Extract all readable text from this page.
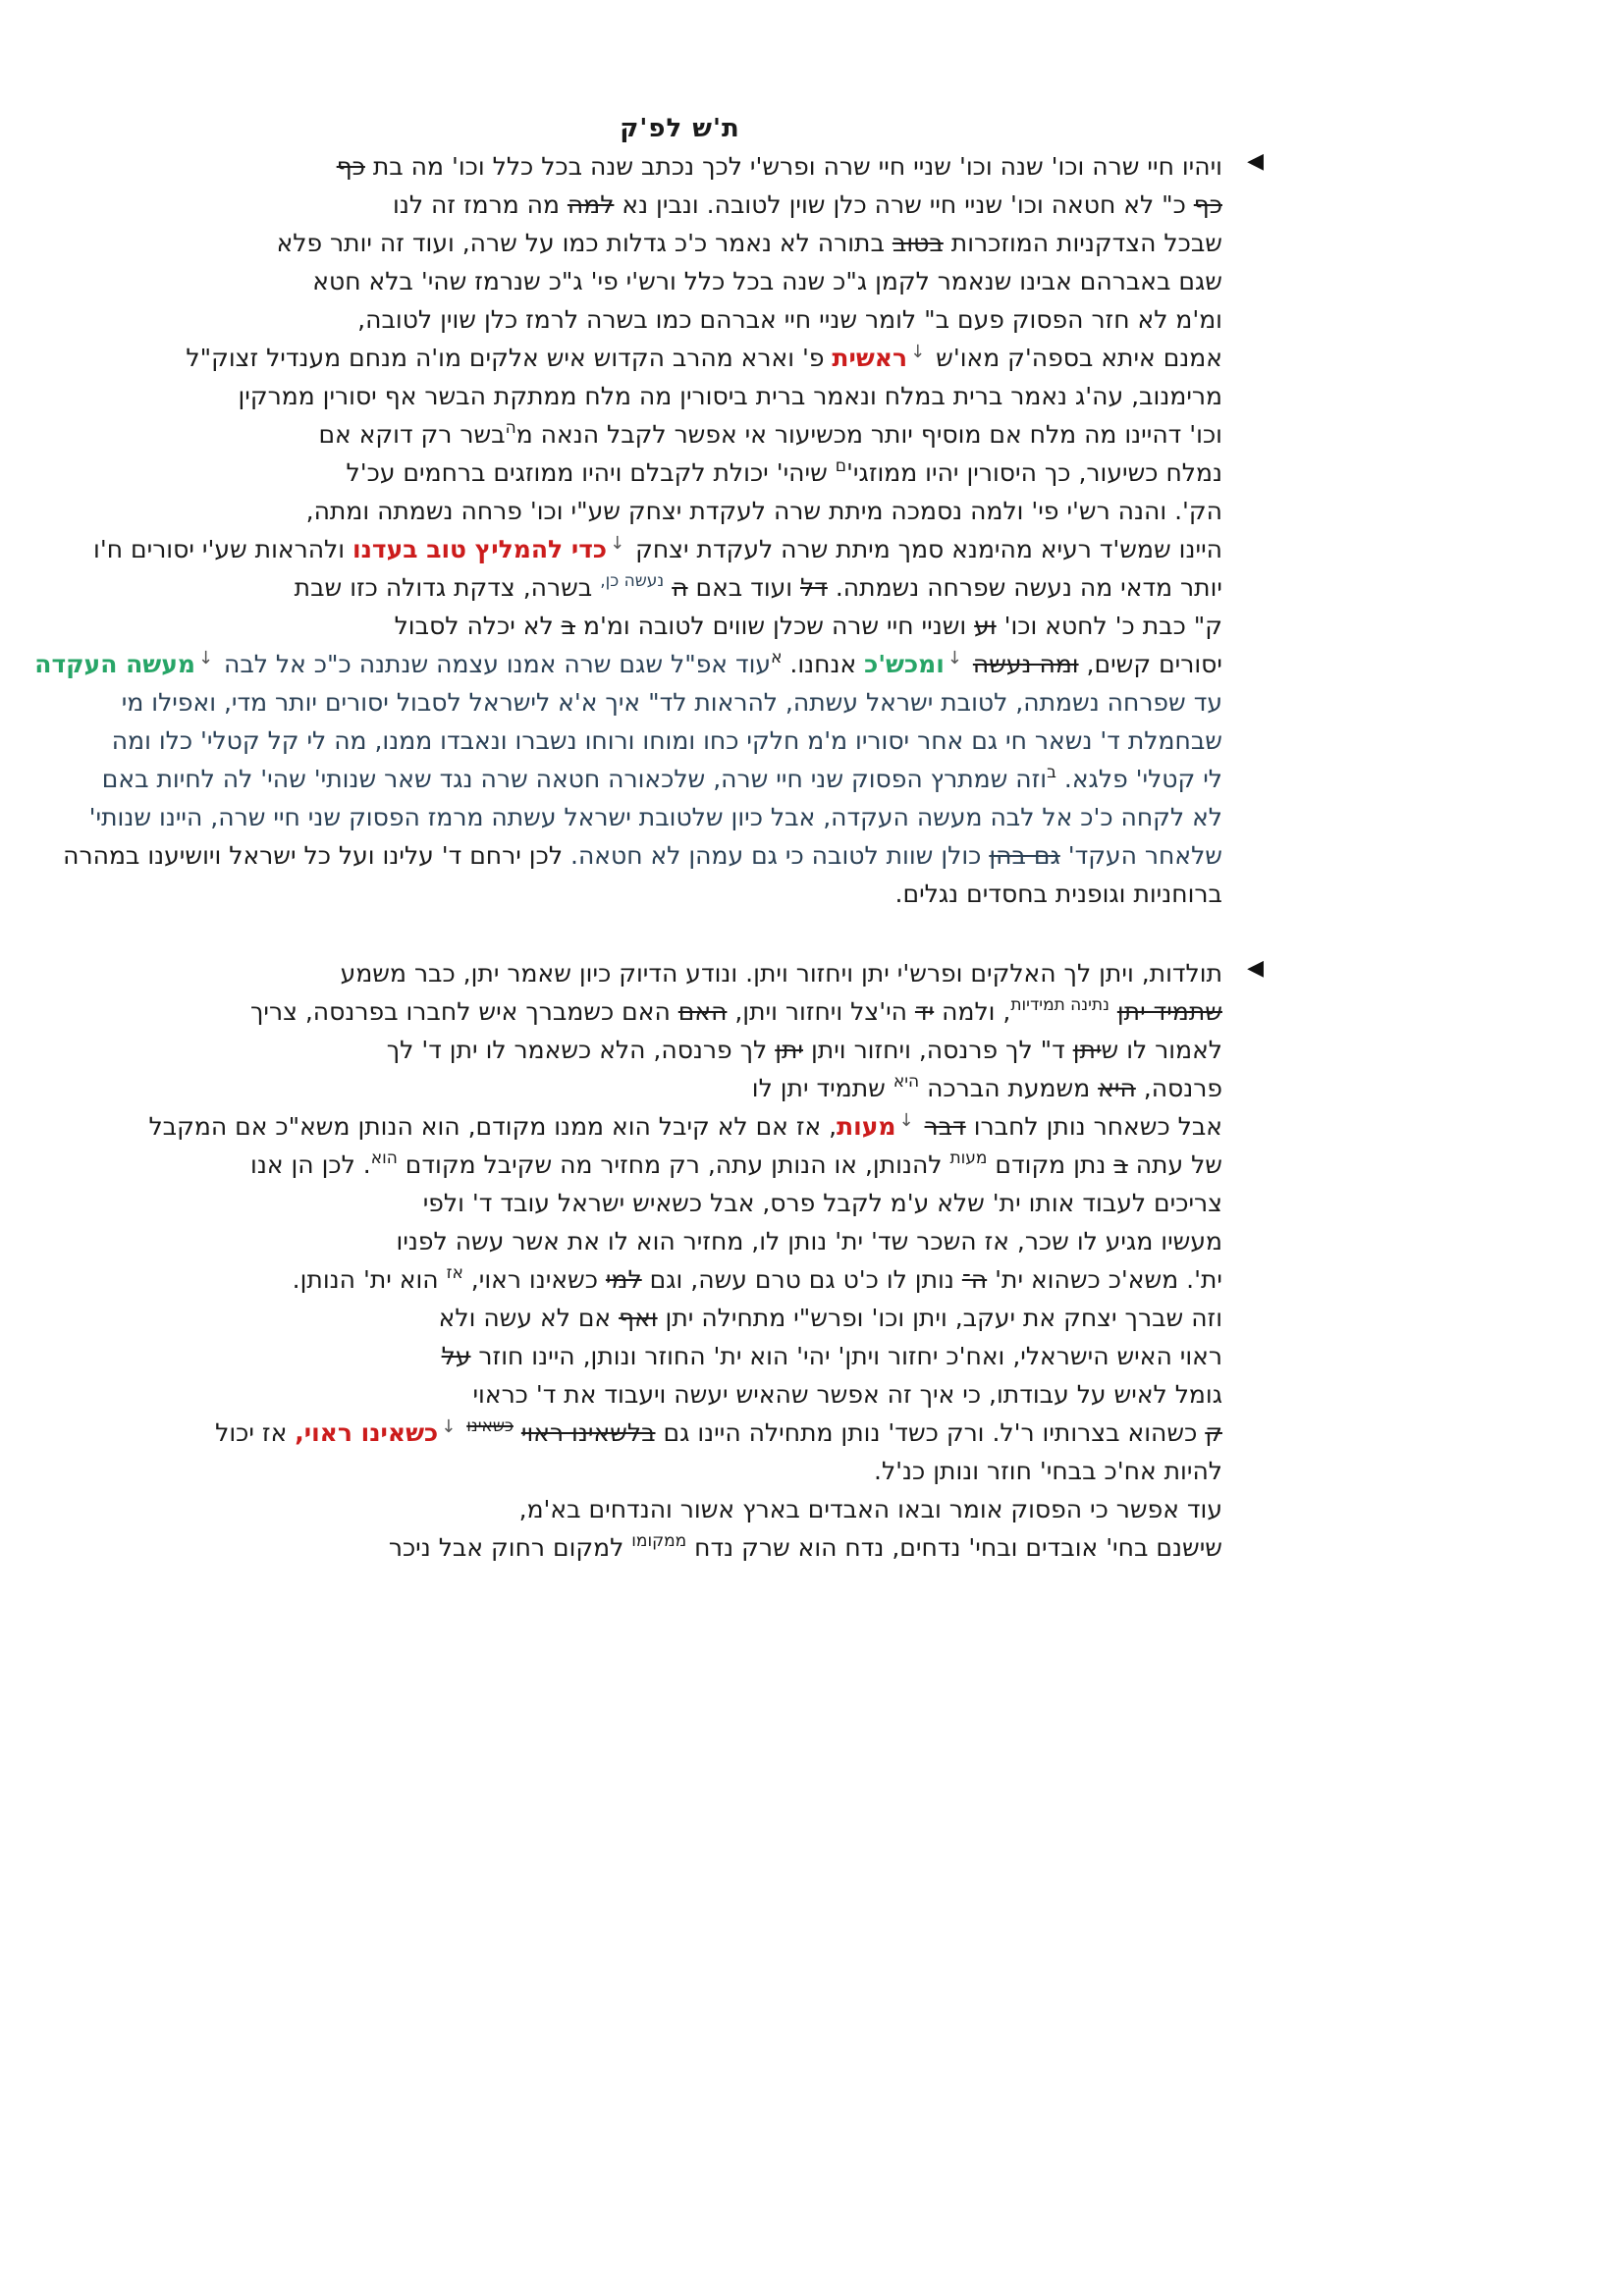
ת'ש לפ'ק
◀
ויהיו חיי שרה וכו' שנה וכו' שניי חיי שרה ופרש'י לכך נכתב שנה בכל כלל וכו' מה בת כף
כף כ" לא חטאה וכו' שניי חיי שרה כלן שוין לטובה. ונבין נא למה מה מרמז זה לנו
שבכל הצדקניות המוזכרות בטוב בתורה לא נאמר כ'כ גדלות כמו על שרה, ועוד זה יותר פלא
שגם באברהם אבינו שנאמר לקמן ג"כ שנה בכל כלל ורש'י פי' ג"כ שנרמז שהי' בלא חטא
ומ'מ לא חזר הפסוק פעם ב" לומר שניי חיי אברהם כמו בשרה לרמז כלן שוין לטובה,
אמנם איתא בספה'ק מאו'ש ↓ראשית פ' וארא מהרב הקדוש איש אלקים מו'ה מנחם מענדיל זצוק"ל
מרימנוב, עה'ג נאמר ברית במלח ונאמר ברית ביסורין מה מלח ממתקת הבשר אף יסורין ממרקין
וכו' דהיינו מה מלח אם מוסיף יותר מכשיעור אי אפשר לקבל הנאה מ$^ה$בשר רק דוקא אם
נמלח כשיעור, כך היסורין יהיו $ממוזגי'^ם$ שיהי' יכולת לקבלם ויהיו ממוזגים ברחמים עכ'ל
הק'. והנה רש'י פי' ולמה נסמכה מיתת שרה לעקדת יצחק שע"י וכו' פרחה נשמתה ומתה,
היינו שמש'ד רעיא מהימנא סמך מיתת שרה לעקדת יצחק ↓כדי להמליץ טוב בעדנו ולהראות שע'י יסורים ח'ו
יותר מדאי מה נעשה שפרחה נשמתה. דל ועוד באם ה $^{נעשה כן,}$ בשרה, צדקת גדולה כזו שבת
ק" כבת כ' לחטא וכו' וע ושניי חיי שרה שכלן שווים לטובה ומ'מ ב לא יכלה לסבול
יסורים קשים, ומה נעשה ↓ומכש'כ אנחנו. $^א$עוד אפ"ל שגם שרה אמנו עצמה שנתנה כ"כ אל לבה ↓מעשה העקדה
עד שפרחה נשמתה, לטובת ישראל עשתה, להראות לד" איך א'א לישראל לסבול יסורים יותר מדי, ואפילו מי
שבחמלת ד' נשאר חי גם אחר יסוריו מ'מ חלקי כחו ומוחו ורוחו נשברו ונאבדו ממנו, מה לי קל קטלי' כלו ומה
לי קטלי' פלגא. $^ב$וזה שמתרץ הפסוק שני חיי שרה, שלכאורה חטאה שרה נגד שאר שנותי' שהי' לה לחיות באם
לא לקחה כ'כ אל לבה מעשה העקדה, אבל כיון שלטובת ישראל עשתה מרמז הפסוק שני חיי שרה, היינו שנותי'
שלאחר העקד' גם בהן כולן שוות לטובה כי גם עמהן לא חטאה. לכן ירחם ד' עלינו ועל כל ישראל ויושיענו במהרה
ברוחניות וגופנית בחסדים נגלים.
◀
תולדות, ויתן לך האלקים ופרש'י יתן ויחזור ויתן. ונודע הדיוק כיון שאמר יתן, כבר משמע
שתמיד יתן $^{נתינה תמידיות}$, ולמה יד הי'צל ויחזור ויתן, האם האם כשמברך איש לחברו בפרנסה, צריך
לאמור לו שיתן ד" לך פרנסה, ויחזור ויתן יתן לך פרנסה, הלא כשאמר לו יתן ד' לך
פרנסה, היא משמעת הברכה $^{היא}$ שתמיד יתן לו
אבל כשאחר נותן לחברו דבר ↓מעות, אז אם לא קיבל הוא ממנו מקודם, הוא הנותן משא"כ אם המקבל
של עתה ב נתן מקודם $^{מעות}$ להנותן, או הנותן עתה, רק מחזיר מה שקיבל מקודם $^{הוא}$. לכן הן אנו
צריכים לעבוד אותו ית' שלא ע'מ לקבל פרס, אבל כשאיש ישראל עובד ד' ולפי
מעשיו מגיע לו שכר, אז השכר שד' ית' נותן לו, מחזיר הוא לו את אשר עשה לפניו
ית'. משא'כ כשהוא ית' ה־ נותן לו כ'ט גם טרם עשה, וגם למי כשאינו ראוי, $^{אז}$ הוא ית' הנותן.
וזה שברך יצחק את יעקב, ויתן וכו' ופרש"י מתחילה יתן ואף אם לא עשה ולא
ראוי האיש הישראלי, ואח'כ יחזור ויתן' יהי' הוא ית' החוזר ונותן, היינו חוזר על
גומל לאיש על עבודתו, כי איך זה אפשר שהאיש יעשה ויעבוד את ד' כראוי
ק כשהוא בצרותיו ר'ל. ורק כשד' נותן מתחילה היינו גם בלשאינו ראוי $^{כשאינו}$ ↓כשאינו ראוי, אז יכול
להיות אח'כ בבחי' חוזר ונותן כנ'ל.
עוד אפשר כי הפסוק אומר ובאו האבדים בארץ אשור והנדחים בא'מ,
שישנם בחי' אובדים ובחי' נדחים, נדח הוא שרק נדח $^{ממקומו}$ למקום רחוק אבל ניכר
